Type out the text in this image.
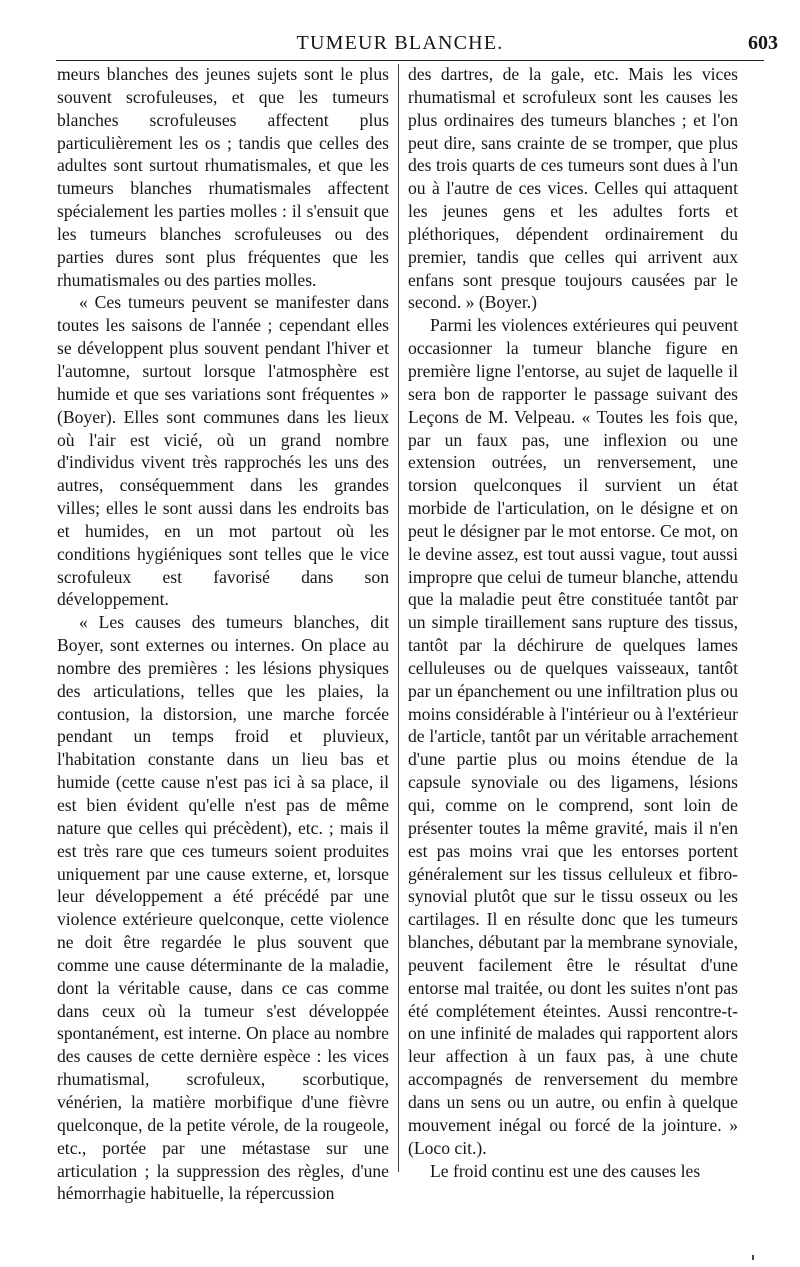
TUMEUR BLANCHE.	603

meurs blanches des jeunes sujets sont le plus souvent scrofuleuses, et que les tumeurs blanches scrofuleuses affectent plus particulièrement les os ; tandis que celles des adultes sont surtout rhumatismales, et que les tumeurs blanches rhumatismales affectent spécialement les parties molles : il s'ensuit que les tumeurs blanches scrofuleuses ou des parties dures sont plus fréquentes que les rhumatismales ou des parties molles.

« Ces tumeurs peuvent se manifester dans toutes les saisons de l'année ; cependant elles se développent plus souvent pendant l'hiver et l'automne, surtout lorsque l'atmosphère est humide et que ses variations sont fréquentes » (Boyer). Elles sont communes dans les lieux où l'air est vicié, où un grand nombre d'individus vivent très rapprochés les uns des autres, conséquemment dans les grandes villes; elles le sont aussi dans les endroits bas et humides, en un mot partout où les conditions hygiéniques sont telles que le vice scrofuleux est favorisé dans son développement.

« Les causes des tumeurs blanches, dit Boyer, sont externes ou internes. On place au nombre des premières : les lésions physiques des articulations, telles que les plaies, la contusion, la distorsion, une marche forcée pendant un temps froid et pluvieux, l'habitation constante dans un lieu bas et humide (cette cause n'est pas ici à sa place, il est bien évident qu'elle n'est pas de même nature que celles qui précèdent), etc. ; mais il est très rare que ces tumeurs soient produites uniquement par une cause externe, et, lorsque leur développement a été précédé par une violence extérieure quelconque, cette violence ne doit être regardée le plus souvent que comme une cause déterminante de la maladie, dont la véritable cause, dans ce cas comme dans ceux où la tumeur s'est développée spontanément, est interne. On place au nombre des causes de cette dernière espèce : les vices rhumatismal, scrofuleux, scorbutique, vénérien, la matière morbifique d'une fièvre quelconque, de la petite vérole, de la rougeole, etc., portée par une métastase sur une articulation ; la suppression des règles, d'une hémorrhagie habituelle, la répercussion

des dartres, de la gale, etc. Mais les vices rhumatismal et scrofuleux sont les causes les plus ordinaires des tumeurs blanches ; et l'on peut dire, sans crainte de se tromper, que plus des trois quarts de ces tumeurs sont dues à l'un ou à l'autre de ces vices. Celles qui attaquent les jeunes gens et les adultes forts et pléthoriques, dépendent ordinairement du premier, tandis que celles qui arrivent aux enfans sont presque toujours causées par le second. » (Boyer.)

Parmi les violences extérieures qui peuvent occasionner la tumeur blanche figure en première ligne l'entorse, au sujet de laquelle il sera bon de rapporter le passage suivant des Leçons de M. Velpeau. « Toutes les fois que, par un faux pas, une inflexion ou une extension outrées, un renversement, une torsion quelconques il survient un état morbide de l'articulation, on le désigne et on peut le désigner par le mot entorse. Ce mot, on le devine assez, est tout aussi vague, tout aussi impropre que celui de tumeur blanche, attendu que la maladie peut être constituée tantôt par un simple tiraillement sans rupture des tissus, tantôt par la déchirure de quelques lames celluleuses ou de quelques vaisseaux, tantôt par un épanchement ou une infiltration plus ou moins considérable à l'intérieur ou à l'extérieur de l'article, tantôt par un véritable arrachement d'une partie plus ou moins étendue de la capsule synoviale ou des ligamens, lésions qui, comme on le comprend, sont loin de présenter toutes la même gravité, mais il n'en est pas moins vrai que les entorses portent généralement sur les tissus celluleux et fibro-synovial plutôt que sur le tissu osseux ou les cartilages. Il en résulte donc que les tumeurs blanches, débutant par la membrane synoviale, peuvent facilement être le résultat d'une entorse mal traitée, ou dont les suites n'ont pas été complétement éteintes. Aussi rencontre-t-on une infinité de malades qui rapportent alors leur affection à un faux pas, à une chute accompagnés de renversement du membre dans un sens ou un autre, ou enfin à quelque mouvement inégal ou forcé de la jointure. » (Loco cit.).

Le froid continu est une des causes les
